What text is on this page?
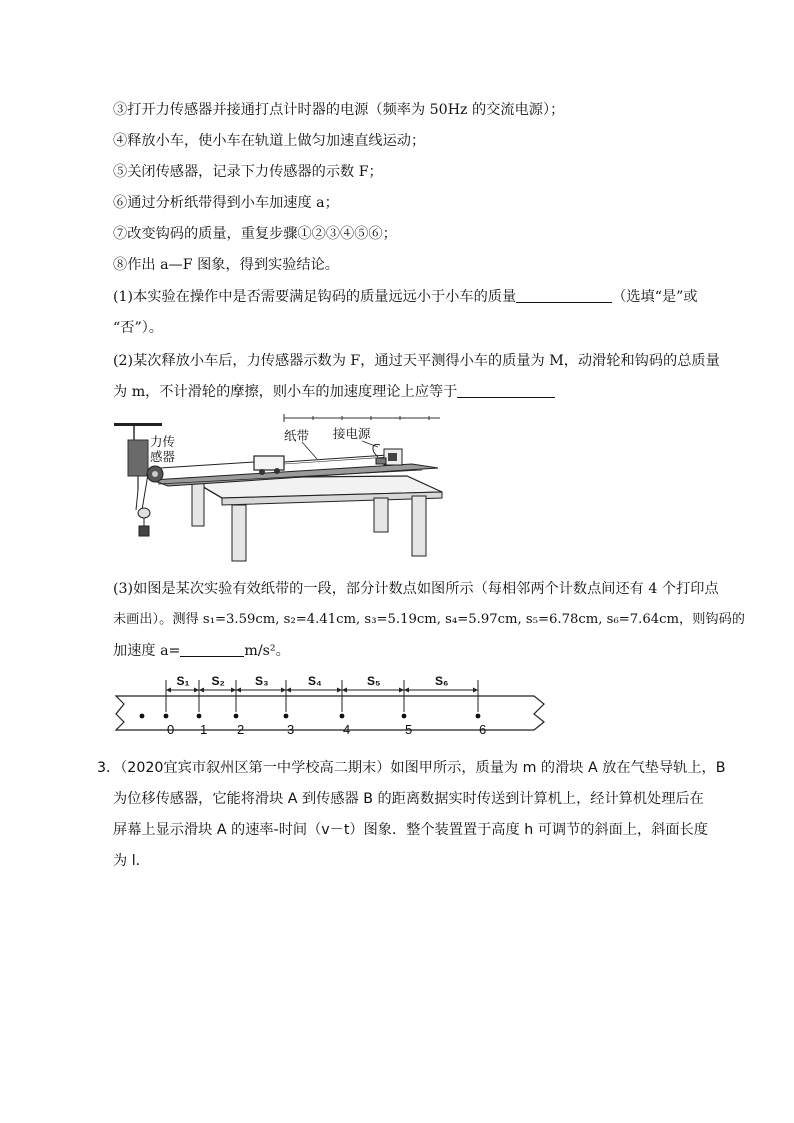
③打开力传感器并接通打点计时器的电源（频率为 50Hz 的交流电源）；
④释放小车，使小车在轨道上做匀加速直线运动；
⑤关闭传感器，记录下力传感器的示数 F；
⑥通过分析纸带得到小车加速度 a；
⑦改变钩码的质量，重复步骤①②③④⑤⑥；
⑧作出 a—F 图象，得到实验结论。
(1)本实验在操作中是否需要满足钩码的质量远远小于小车的质量	（选填“是”或
“否”）。
(2)某次释放小车后，力传感器示数为 F，通过天平测得小车的质量为 M，动滑轮和钩码的总质量
为 m，不计滑轮的摩擦，则小车的加速度理论上应等于
力传
感器
纸带 接电源
(3)如图是某次实验有效纸带的一段，部分计数点如图所示（每相邻两个计数点间还有 4 个打印点
未画出）。测得 s₁=3.59cm, s₂=4.41cm, s₃=5.19cm, s₄=5.97cm, s₅=6.78cm, s₆=7.64cm，则钩码的
加速度 a=	m/s²。
0 1 2	3	4	5	6
S₁ S₂	S₃	S₄	S₅	S₆
3．（2020宜宾市叙州区第一中学校高二期末）如图甲所示，质量为 m 的滑块 A 放在气垫导轨上，B
为位移传感器，它能将滑块 A 到传感器 B 的距离数据实时传送到计算机上，经计算机处理后在
屏幕上显示滑块 A 的速率-时间（v－t）图象．整个装置置于高度 h 可调节的斜面上，斜面长度
为 l．
